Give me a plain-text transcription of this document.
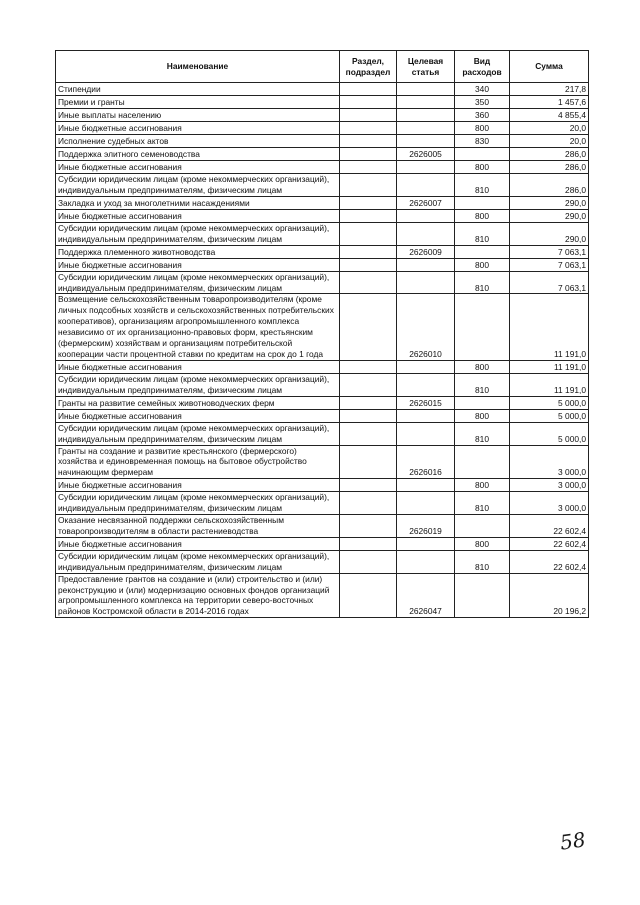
Наименование	Раздел, подраздел	Целевая статья	Вид расходов	Сумма
Стипендии			340	217,8
Премии и гранты			350	1 457,6
Иные выплаты населению			360	4 855,4
Иные бюджетные ассигнования			800	20,0
Исполнение судебных актов			830	20,0
Поддержка элитного семеноводства		2626005		286,0
Иные бюджетные ассигнования			800	286,0
Субсидии юридическим лицам (кроме некоммерческих организаций), индивидуальным предпринимателям, физическим лицам			810	286,0
Закладка и уход за многолетними насаждениями		2626007		290,0
Иные бюджетные ассигнования			800	290,0
Субсидии юридическим лицам (кроме некоммерческих организаций), индивидуальным предпринимателям, физическим лицам			810	290,0
Поддержка племенного животноводства		2626009		7 063,1
Иные бюджетные ассигнования			800	7 063,1
Субсидии юридическим лицам (кроме некоммерческих организаций), индивидуальным предпринимателям, физическим лицам			810	7 063,1
Возмещение сельскохозяйственным товаропроизводителям (кроме личных подсобных хозяйств и сельскохозяйственных потребительских кооперативов), организациям агропромышленного комплекса независимо от их организационно-правовых форм, крестьянским (фермерским) хозяйствам и организациям потребительской кооперации части процентной ставки по кредитам на срок до 1 года		2626010		11 191,0
Иные бюджетные ассигнования			800	11 191,0
Субсидии юридическим лицам (кроме некоммерческих организаций), индивидуальным предпринимателям, физическим лицам			810	11 191,0
Гранты на развитие семейных животноводческих ферм		2626015		5 000,0
Иные бюджетные ассигнования			800	5 000,0
Субсидии юридическим лицам (кроме некоммерческих организаций), индивидуальным предпринимателям, физическим лицам			810	5 000,0
Гранты на создание и развитие крестьянского (фермерского) хозяйства и единовременная помощь на бытовое обустройство начинающим фермерам		2626016		3 000,0
Иные бюджетные ассигнования			800	3 000,0
Субсидии юридическим лицам (кроме некоммерческих организаций), индивидуальным предпринимателям, физическим лицам			810	3 000,0
Оказание несвязанной поддержки сельскохозяйственным товаропроизводителям в области растениеводства		2626019		22 602,4
Иные бюджетные ассигнования			800	22 602,4
Субсидии юридическим лицам (кроме некоммерческих организаций), индивидуальным предпринимателям, физическим лицам			810	22 602,4
Предоставление грантов на создание и (или) строительство и (или) реконструкцию и (или) модернизацию основных фондов организаций агропромышленного комплекса на территории северо-восточных районов Костромской области в 2014-2016 годах		2626047		20 196,2
58
